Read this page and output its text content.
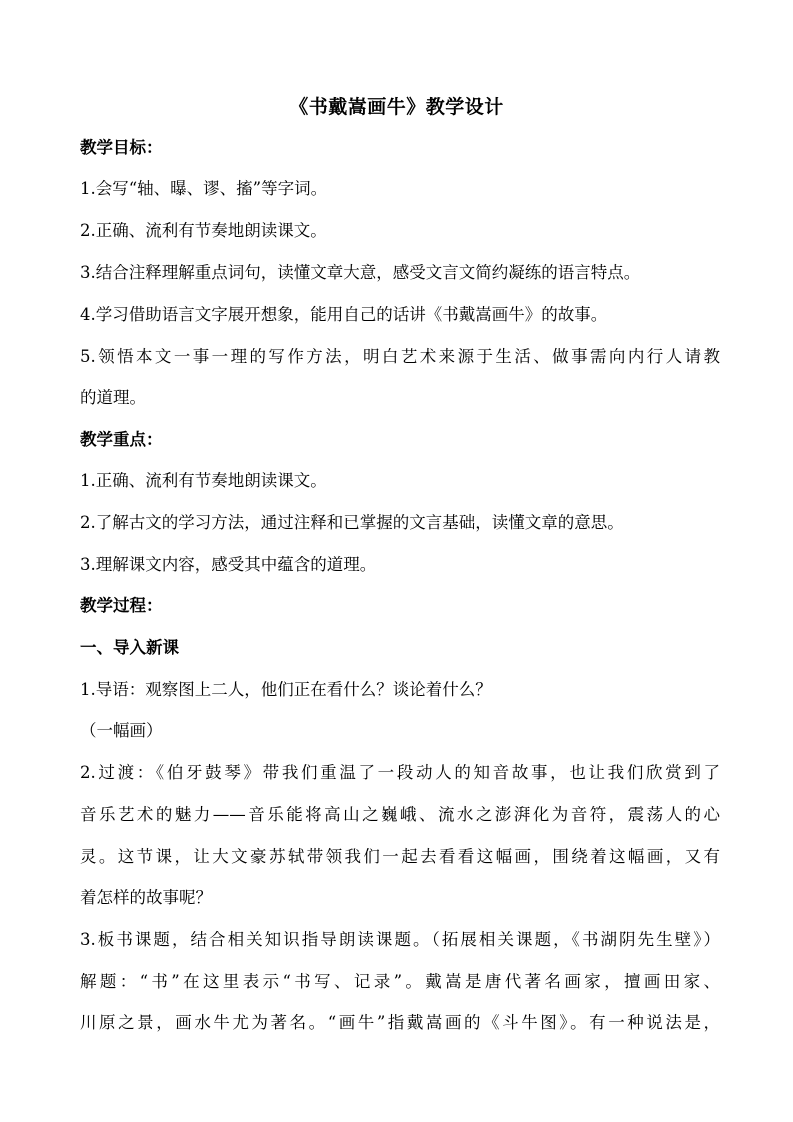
《书戴嵩画牛》教学设计
教学目标：
1.会写“轴、曝、谬、搐”等字词。
2.正确、流利有节奏地朗读课文。
3.结合注释理解重点词句，读懂文章大意，感受文言文简约凝练的语言特点。
4.学习借助语言文字展开想象，能用自己的话讲《书戴嵩画牛》的故事。
5.领悟本文一事一理的写作方法，明白艺术来源于生活、做事需向内行人请教
的道理。
教学重点：
1.正确、流利有节奏地朗读课文。
2.了解古文的学习方法，通过注释和已掌握的文言基础，读懂文章的意思。
3.理解课文内容，感受其中蕴含的道理。
教学过程：
一、导入新课
1.导语：观察图上二人，他们正在看什么？谈论着什么？
（一幅画）
2.过渡：《伯牙鼓琴》带我们重温了一段动人的知音故事，也让我们欣赏到了
音乐艺术的魅力——音乐能将高山之巍峨、流水之澎湃化为音符，震荡人的心
灵。这节课，让大文豪苏轼带领我们一起去看看这幅画，围绕着这幅画，又有
着怎样的故事呢？
3.板书课题，结合相关知识指导朗读课题。（拓展相关课题，《书湖阴先生壁》）
解题：“书”在这里表示“书写、记录”。戴嵩是唐代著名画家，擅画田家、
川原之景，画水牛尤为著名。“画牛”指戴嵩画的《斗牛图》。有一种说法是，
